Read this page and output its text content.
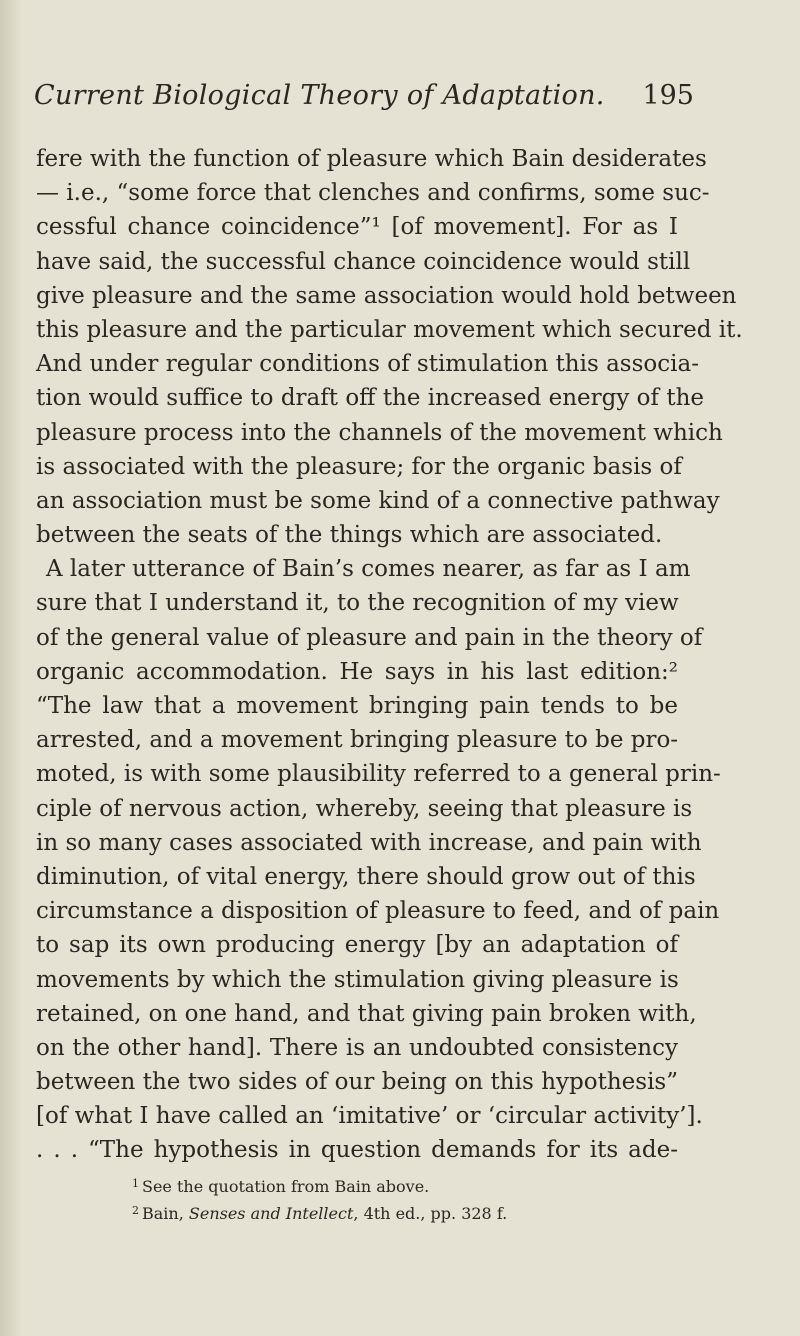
Current Biological Theory of Adaptation. 195
fere with the function of pleasure which Bain desiderates
— i.e., “some force that clenches and confirms, some suc-
cessful chance coincidence”¹ [of movement]. For as I
have said, the successful chance coincidence would still
give pleasure and the same association would hold between
this pleasure and the particular movement which secured it.
And under regular conditions of stimulation this associa-
tion would suffice to draft off the increased energy of the
pleasure process into the channels of the movement which
is associated with the pleasure; for the organic basis of
an association must be some kind of a connective pathway
between the seats of the things which are associated.
A later utterance of Bain’s comes nearer, as far as I am
sure that I understand it, to the recognition of my view
of the general value of pleasure and pain in the theory of
organic accommodation. He says in his last edition:²
“The law that a movement bringing pain tends to be
arrested, and a movement bringing pleasure to be pro-
moted, is with some plausibility referred to a general prin-
ciple of nervous action, whereby, seeing that pleasure is
in so many cases associated with increase, and pain with
diminution, of vital energy, there should grow out of this
circumstance a disposition of pleasure to feed, and of pain
to sap its own producing energy [by an adaptation of
movements by which the stimulation giving pleasure is
retained, on one hand, and that giving pain broken with,
on the other hand]. There is an undoubted consistency
between the two sides of our being on this hypothesis”
[of what I have called an ‘imitative’ or ‘circular activity’].
. . . “The hypothesis in question demands for its ade-
$^1$ See the quotation from Bain above.
$^2$ Bain, Senses and Intellect, 4th ed., pp. 328 f.
